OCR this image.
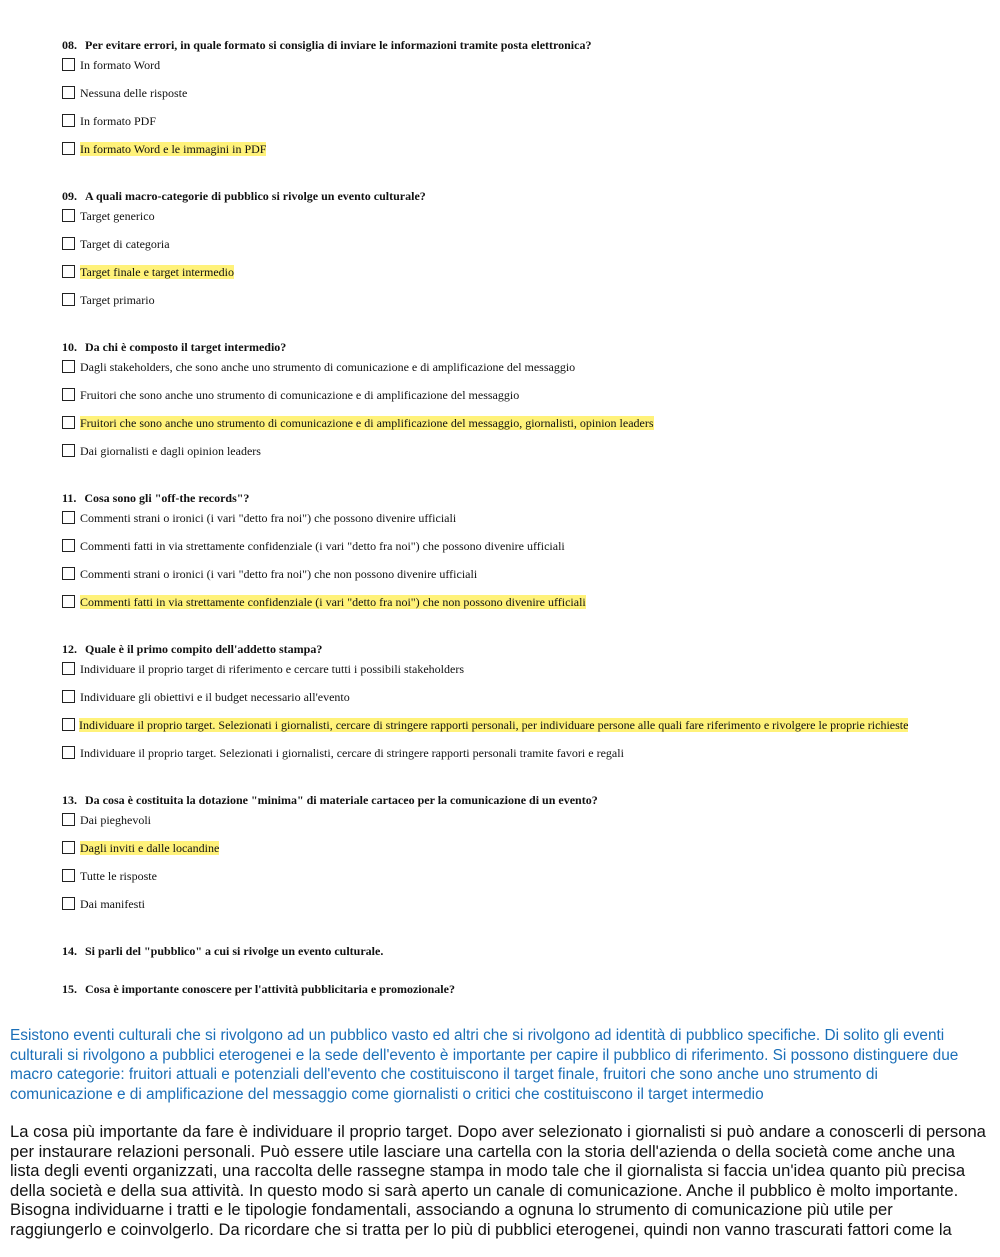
08. Per evitare errori, in quale formato si consiglia di inviare le informazioni tramite posta elettronica?
In formato Word
Nessuna delle risposte
In formato PDF
In formato Word e le immagini in PDF
09. A quali macro-categorie di pubblico si rivolge un evento culturale?
Target generico
Target di categoria
Target finale e target intermedio
Target primario
10. Da chi è composto il target intermedio?
Dagli stakeholders, che sono anche uno strumento di comunicazione e di amplificazione del messaggio
Fruitori che sono anche uno strumento di comunicazione e di amplificazione del messaggio
Fruitori che sono anche uno strumento di comunicazione e di amplificazione del messaggio, giornalisti, opinion leaders
Dai giornalisti e dagli opinion leaders
11. Cosa sono gli "off-the records"?
Commenti strani o ironici (i vari "detto fra noi") che possono divenire ufficiali
Commenti fatti in via strettamente confidenziale (i vari "detto fra noi") che possono divenire ufficiali
Commenti strani o ironici (i vari "detto fra noi") che non possono divenire ufficiali
Commenti fatti in via strettamente confidenziale (i vari "detto fra noi") che non possono divenire ufficiali
12. Quale è il primo compito dell'addetto stampa?
Individuare il proprio target di riferimento e cercare tutti i possibili stakeholders
Individuare gli obiettivi e il budget necessario all'evento
Individuare il proprio target. Selezionati i giornalisti, cercare di stringere rapporti personali, per individuare persone alle quali fare riferimento e rivolgere le proprie richieste
Individuare il proprio target. Selezionati i giornalisti, cercare di stringere rapporti personali tramite favori e regali
13. Da cosa è costituita la dotazione "minima" di materiale cartaceo per la comunicazione di un evento?
Dai pieghevoli
Dagli inviti e dalle locandine
Tutte le risposte
Dai manifesti
14. Si parli del "pubblico" a cui si rivolge un evento culturale.
15. Cosa è importante conoscere per l'attività pubblicitaria e promozionale?

Esistono eventi culturali che si rivolgono ad un pubblico vasto ed altri che si rivolgono ad identità di pubblico specifiche. Di solito gli eventi culturali si rivolgono a pubblici eterogenei e la sede dell'evento è importante per capire il pubblico di riferimento. Si possono distinguere due macro categorie: fruitori attuali e potenziali dell'evento che costituiscono il target finale, fruitori che sono anche uno strumento di comunicazione e di amplificazione del messaggio come giornalisti o critici che costituiscono il target intermedio

La cosa più importante da fare è individuare il proprio target. Dopo aver selezionato i giornalisti si può andare a conoscerli di persona per instaurare relazioni personali. Può essere utile lasciare una cartella con la storia dell'azienda o della società come anche una lista degli eventi organizzati, una raccolta delle rassegne stampa in modo tale che il giornalista si faccia un'idea quanto più precisa della società e della sua attività. In questo modo si sarà aperto un canale di comunicazione. Anche il pubblico è molto importante. Bisogna individuarne i tratti e le tipologie fondamentali, associando a ognuna lo strumento di comunicazione più utile per raggiungerlo e coinvolgerlo. Da ricordare che si tratta per lo più di pubblici eterogenei, quindi non vanno trascurati fattori come la
